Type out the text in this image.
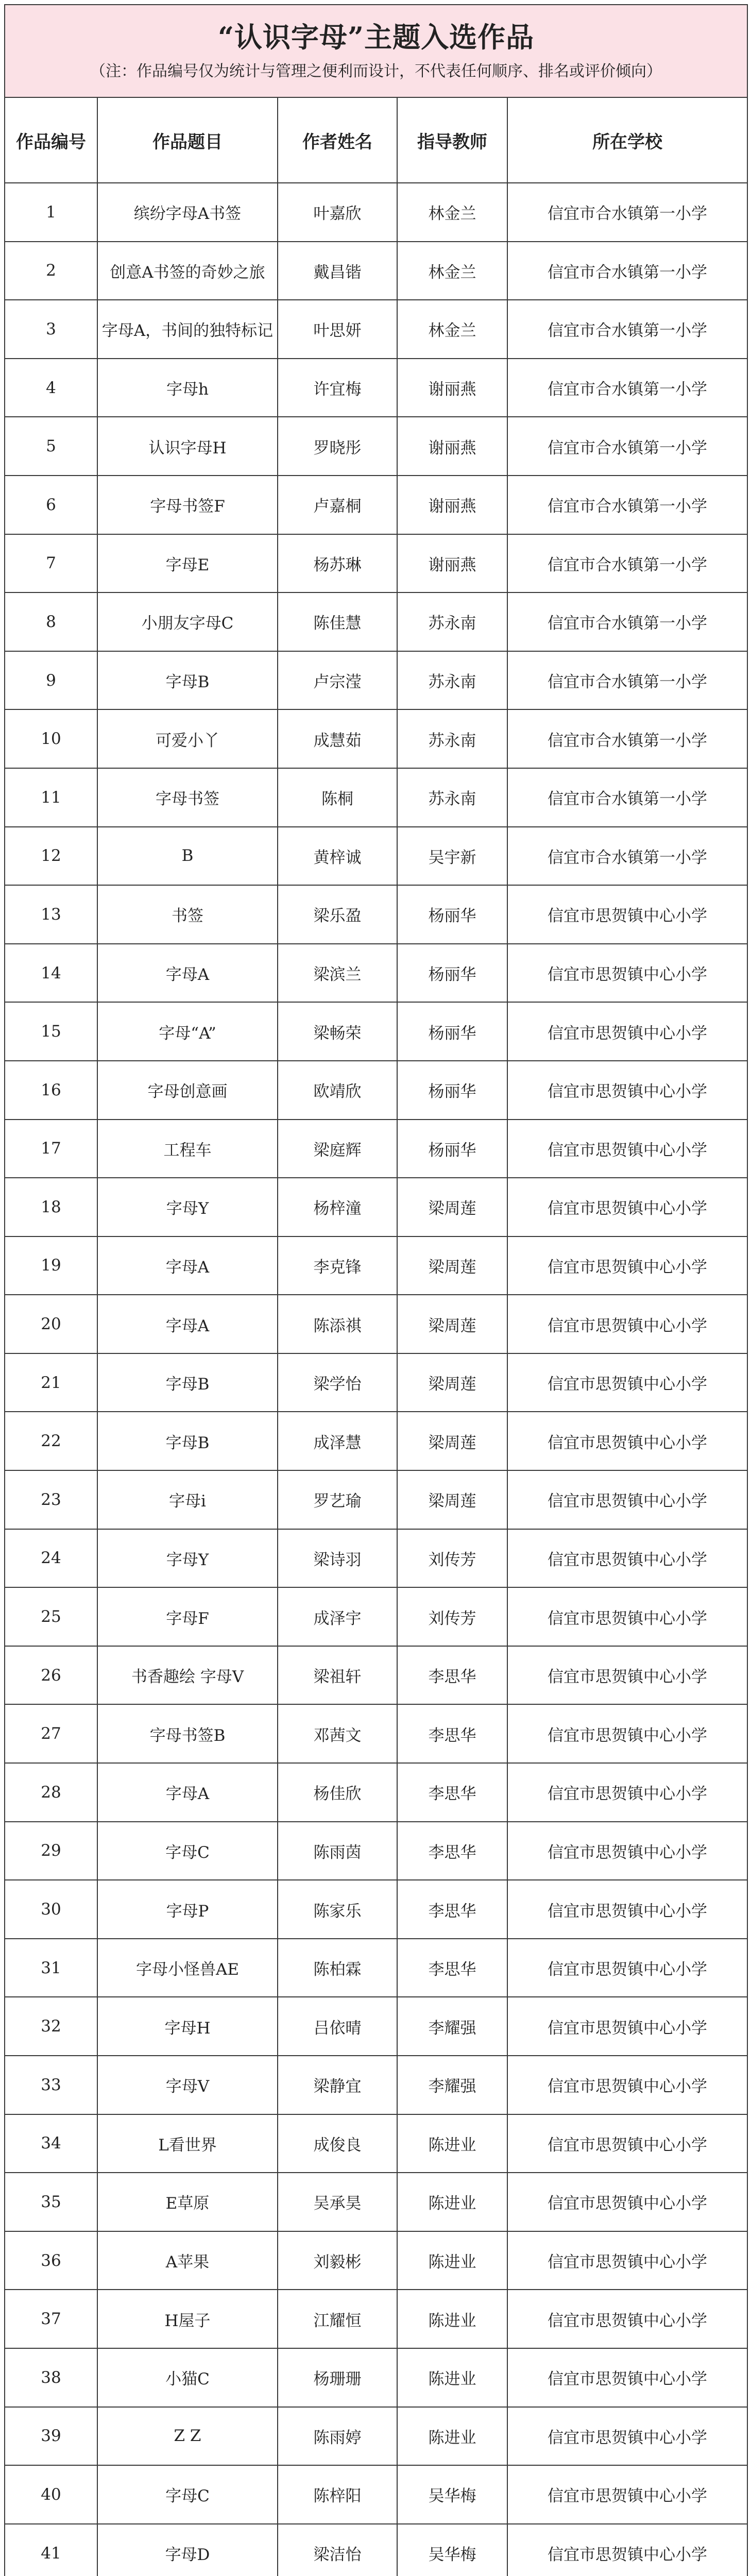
“认识字母”主题入选作品
（注：作品编号仅为统计与管理之便利而设计，不代表任何顺序、排名或评价倾向）				

作品编号	作品题目	作者姓名	指导教师	所在学校
1	缤纷字母A书签	叶嘉欣	林金兰	信宜市合水镇第一小学
2	创意A书签的奇妙之旅	戴昌锴	林金兰	信宜市合水镇第一小学
3	字母A，书间的独特标记	叶思妍	林金兰	信宜市合水镇第一小学
4	字母h	许宜梅	谢丽燕	信宜市合水镇第一小学
5	认识字母H	罗晓彤	谢丽燕	信宜市合水镇第一小学
6	字母书签F	卢嘉桐	谢丽燕	信宜市合水镇第一小学
7	字母E	杨苏琳	谢丽燕	信宜市合水镇第一小学
8	小朋友字母C	陈佳慧	苏永南	信宜市合水镇第一小学
9	字母B	卢宗滢	苏永南	信宜市合水镇第一小学
10	可爱小丫	成慧茹	苏永南	信宜市合水镇第一小学
11	字母书签	陈桐	苏永南	信宜市合水镇第一小学
12	B	黄梓诚	吴宇新	信宜市合水镇第一小学
13	书签	梁乐盈	杨丽华	信宜市思贺镇中心小学
14	字母A	梁滨兰	杨丽华	信宜市思贺镇中心小学
15	字母“A”	梁畅荣	杨丽华	信宜市思贺镇中心小学
16	字母创意画	欧靖欣	杨丽华	信宜市思贺镇中心小学
17	工程车	梁庭辉	杨丽华	信宜市思贺镇中心小学
18	字母Y	杨梓潼	梁周莲	信宜市思贺镇中心小学
19	字母A	李克锋	梁周莲	信宜市思贺镇中心小学
20	字母A	陈添祺	梁周莲	信宜市思贺镇中心小学
21	字母B	梁学怡	梁周莲	信宜市思贺镇中心小学
22	字母B	成泽慧	梁周莲	信宜市思贺镇中心小学
23	字母i	罗艺瑜	梁周莲	信宜市思贺镇中心小学
24	字母Y	梁诗羽	刘传芳	信宜市思贺镇中心小学
25	字母F	成泽宇	刘传芳	信宜市思贺镇中心小学
26	书香趣绘 字母V	梁祖轩	李思华	信宜市思贺镇中心小学
27	字母书签B	邓茜文	李思华	信宜市思贺镇中心小学
28	字母A	杨佳欣	李思华	信宜市思贺镇中心小学
29	字母C	陈雨茵	李思华	信宜市思贺镇中心小学
30	字母P	陈家乐	李思华	信宜市思贺镇中心小学
31	字母小怪兽AE	陈柏霖	李思华	信宜市思贺镇中心小学
32	字母H	吕依晴	李耀强	信宜市思贺镇中心小学
33	字母V	梁静宜	李耀强	信宜市思贺镇中心小学
34	L看世界	成俊良	陈进业	信宜市思贺镇中心小学
35	E草原	吴承昊	陈进业	信宜市思贺镇中心小学
36	A苹果	刘毅彬	陈进业	信宜市思贺镇中心小学
37	H屋子	江耀恒	陈进业	信宜市思贺镇中心小学
38	小猫C	杨珊珊	陈进业	信宜市思贺镇中心小学
39	Z Z	陈雨婷	陈进业	信宜市思贺镇中心小学
40	字母C	陈梓阳	吴华梅	信宜市思贺镇中心小学
41	字母D	梁洁怡	吴华梅	信宜市思贺镇中心小学
